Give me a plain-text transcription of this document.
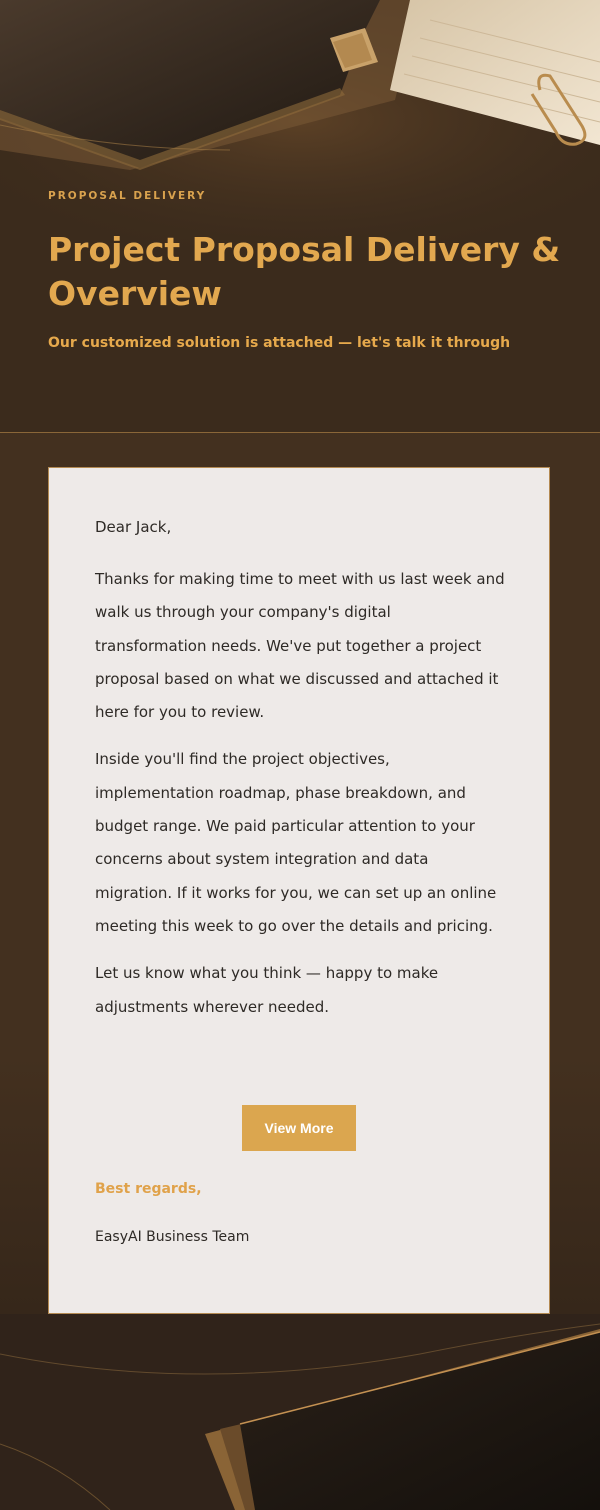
PROPOSAL DELIVERY
Project Proposal Delivery & Overview
Our customized solution is attached — let's talk it through

Dear Jack,

Thanks for making time to meet with us last week and walk us through your company's digital transformation needs. We've put together a project proposal based on what we discussed and attached it here for you to review.

Inside you'll find the project objectives, implementation roadmap, phase breakdown, and budget range. We paid particular attention to your concerns about system integration and data migration. If it works for you, we can set up an online meeting this week to go over the details and pricing.

Let us know what you think — happy to make adjustments wherever needed.

View More
Best regards,
EasyAI Business Team
